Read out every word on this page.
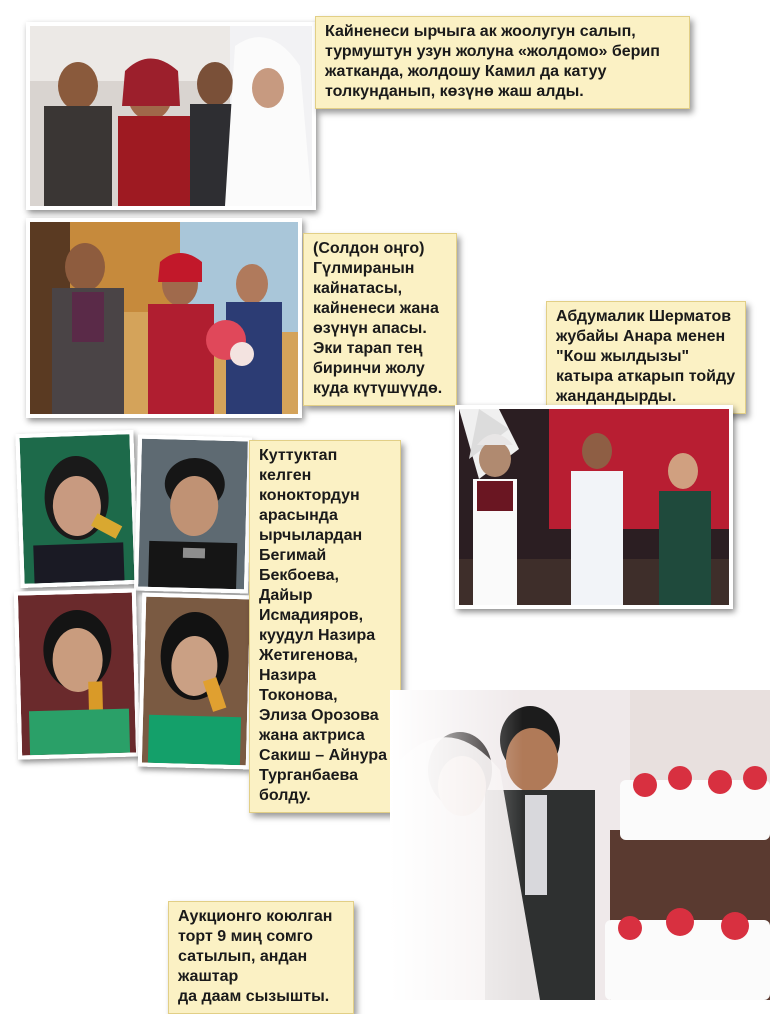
Кайненеси ырчыга ак жоолугун салып,
турмуштун узун жолуна «жолдомо» берип
жатканда, жолдошу Камил да катуу
толкунданып, көзүнө жаш алды.
(Солдон оңго)
Гүлмиранын
кайнатасы,
кайненеси жана
өзүнүн апасы.
Эки тарап тең
биринчи жолу
куда күтүшүүдө.
Абдумалик Шерматов
жубайы Анара менен
"Кош жылдызы"
катыра аткарып тойду
жандандырды.
Куттуктап келген
коноктордун
арасында
ырчылардан
Бегимай
Бекбоева, Дайыр
Исмадияров,
куудул Назира
Жетигенова,
Назира
Токонова,
Элиза Орозова
жана актриса
Сакиш – Айнура
Турганбаева
болду.
Аукционго коюлган
торт 9 миң сомго
сатылып, андан жаштар
да даам сызышты.
